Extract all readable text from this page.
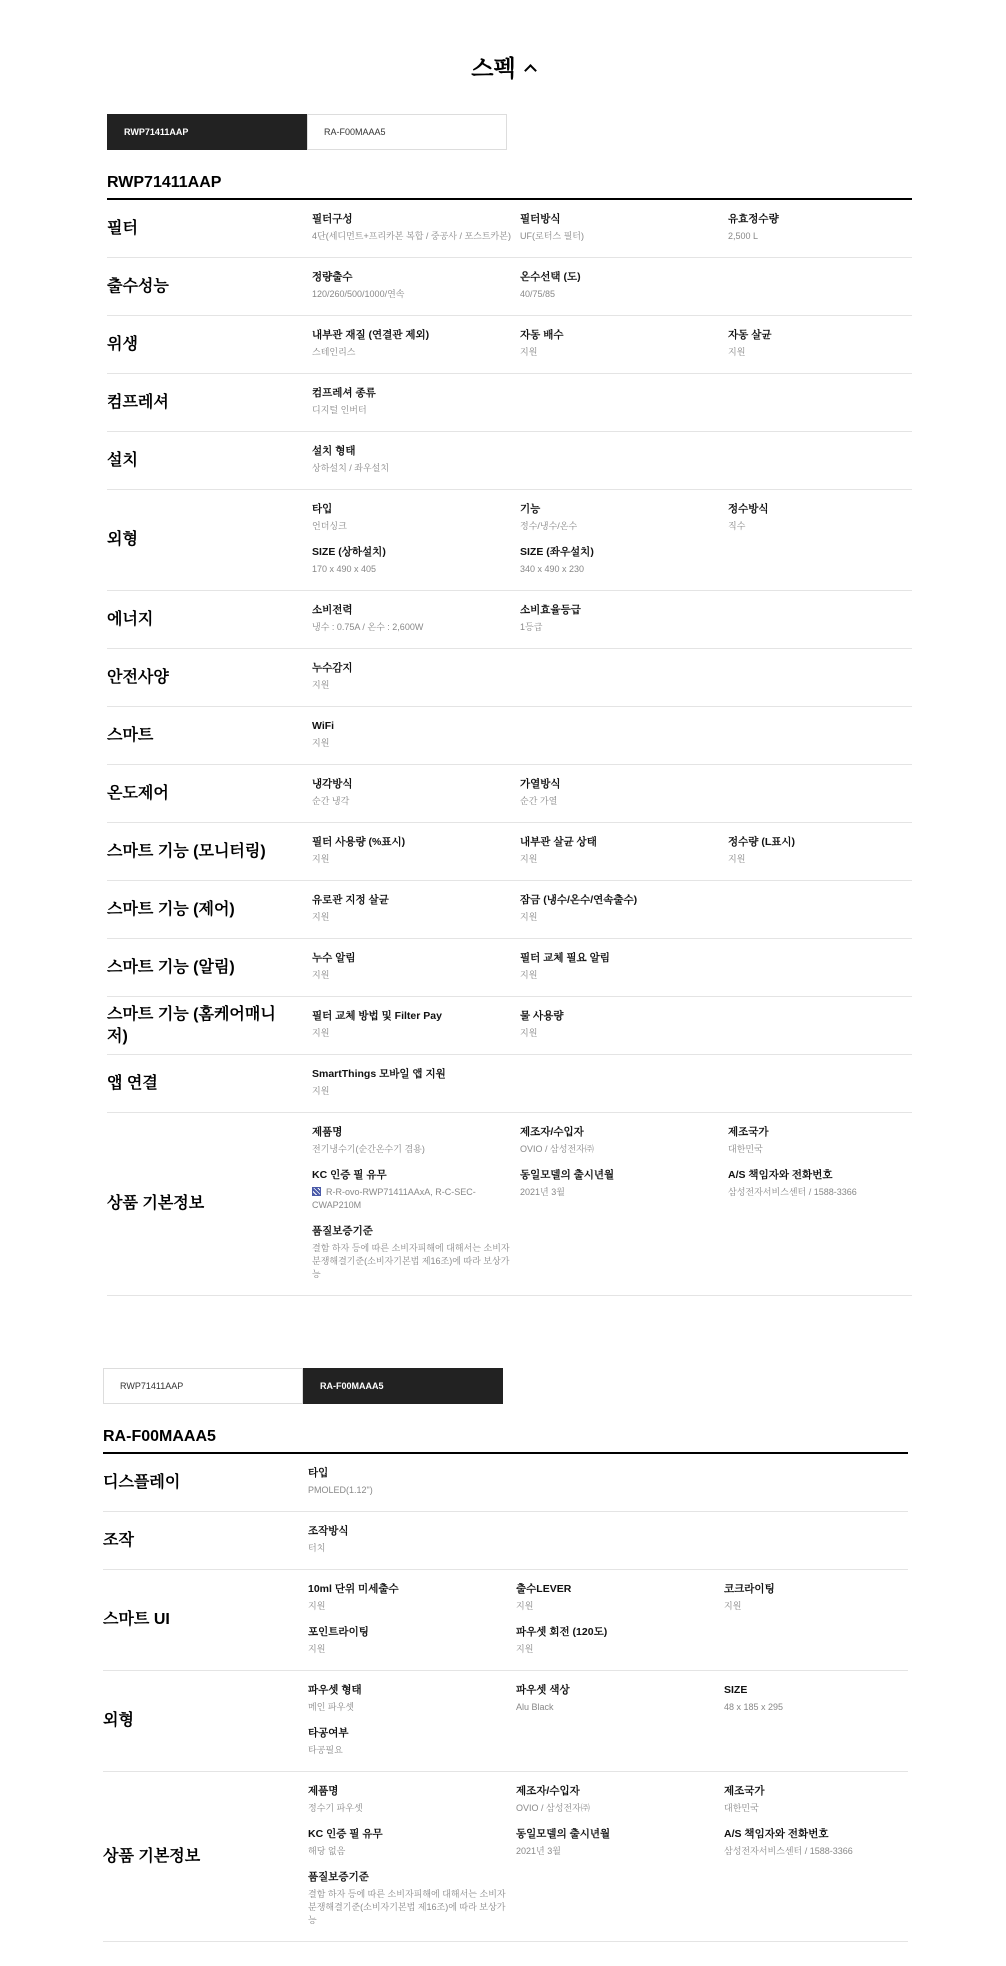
스펙
RWP71411AAP	RA-F00MAAA5
RWP71411AAP
필터
필터구성
4단(세디먼트+프리카본 복합 / 중공사 / 포스트카본)
필터방식
UF(로터스 필터)
유효정수량
2,500 L
출수성능
정량출수
120/260/500/1000/연속
온수선택 (도)
40/75/85
위생
내부관 재질 (연결관 제외)
스테인리스
자동 배수
지원
자동 살균
지원
컴프레셔
컴프레셔 종류
디지털 인버터
설치
설치 형태
상하설치 / 좌우설치
외형
타입
언더싱크
기능
정수/냉수/온수
정수방식
직수
SIZE (상하설치)
170 x 490 x 405
SIZE (좌우설치)
340 x 490 x 230
에너지
소비전력
냉수 : 0.75A / 온수 : 2,600W
소비효율등급
1등급
안전사양
누수감지
지원
스마트
WiFi
지원
온도제어
냉각방식
순간 냉각
가열방식
순간 가열
스마트 기능 (모니터링)
필터 사용량 (%표시)
지원
내부관 살균 상태
지원
정수량 (L표시)
지원
스마트 기능 (제어)
유로관 지정 살균
지원
잠금 (냉수/온수/연속출수)
지원
스마트 기능 (알림)
누수 알림
지원
필터 교체 필요 알림
지원
스마트 기능 (홈케어매니저)
필터 교체 방법 및 Filter Pay
지원
물 사용량
지원
앱 연결
SmartThings 모바일 앱 지원
지원
상품 기본정보
제품명
전기냉수기(순간온수기 겸용)
제조자/수입자
OVIO / 삼성전자㈜
제조국가
대한민국
KC 인증 필 유무
R-R-ovo-RWP71411AAxA, R-C-SEC-CWAP210M
동일모델의 출시년월
2021년 3월
A/S 책임자와 전화번호
삼성전자서비스센터 / 1588-3366
품질보증기준
결함 하자 등에 따른 소비자피해에 대해서는 소비자분쟁해결기준(소비자기본법 제16조)에 따라 보상가능
RWP71411AAP	RA-F00MAAA5
RA-F00MAAA5
디스플레이
타입
PMOLED(1.12")
조작
조작방식
터치
스마트 UI
10ml 단위 미세출수
지원
출수LEVER
지원
코크라이팅
지원
포인트라이팅
지원
파우셋 회전 (120도)
지원
외형
파우셋 형태
메인 파우셋
파우셋 색상
Alu Black
SIZE
48 x 185 x 295
타공여부
타공필요
상품 기본정보
제품명
정수기 파우셋
제조자/수입자
OVIO / 삼성전자㈜
제조국가
대한민국
KC 인증 필 유무
해당 없음
동일모델의 출시년월
2021년 3월
A/S 책임자와 전화번호
삼성전자서비스센터 / 1588-3366
품질보증기준
결함 하자 등에 따른 소비자피해에 대해서는 소비자분쟁해결기준(소비자기본법 제16조)에 따라 보상가능
